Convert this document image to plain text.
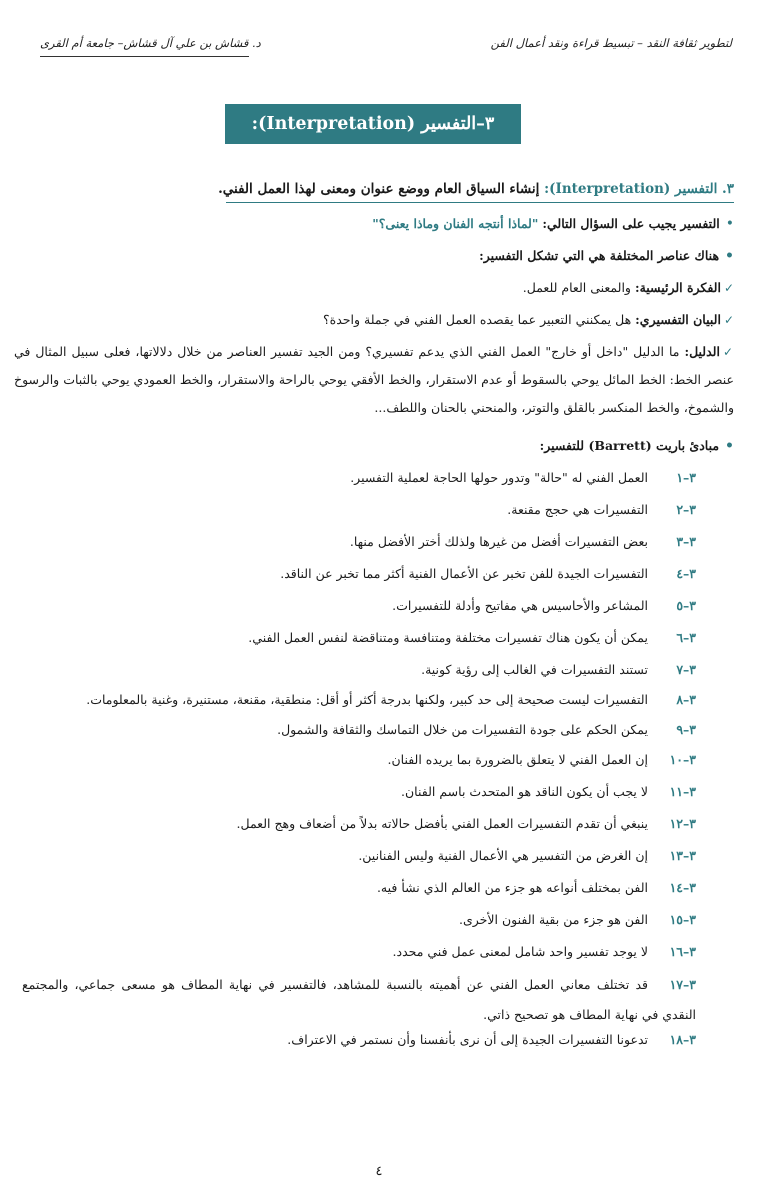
لتطوير ثقافة النقد – تبسيط قراءة ونقد أعمال الفن
د. قشاش بن علي آل قشاش– جامعة أم القرى
٣–التفسير (Interpretation):
٣. التفسير (Interpretation): إنشاء السياق العام ووضع عنوان ومعنى لهذا العمل الفني.
•التفسير يجيب على السؤال التالي: "لماذا أنتجه الفنان وماذا يعنى؟"
•هناك عناصر المختلفة هي التي تشكل التفسير:
✓الفكرة الرئيسية: والمعنى العام للعمل.
✓البيان التفسيري: هل يمكنني التعبير عما يقصده العمل الفني في جملة واحدة؟
✓الدليل: ما الدليل "داخل أو خارج" العمل الفني الذي يدعم تفسيري؟ ومن الجيد تفسير العناصر من خلال دلالاتها، فعلى سبيل المثال في عنصر الخط: الخط المائل يوحي بالسقوط أو عدم الاستقرار، والخط الأفقي يوحي بالراحة والاستقرار، والخط العمودي يوحي بالثبات والرسوخ والشموخ، والخط المنكسر بالقلق والتوتر، والمنحني بالحنان واللطف...
•مبادئ باريت (Barrett) للتفسير:
٣–١العمل الفني له "حالة" وتدور حولها الحاجة لعملية التفسير.
٣–٢التفسيرات هي حجج مقنعة.
٣–٣بعض التفسيرات أفضل من غيرها ولذلك أختر الأفضل منها.
٣–٤التفسيرات الجيدة للفن تخبر عن الأعمال الفنية أكثر مما تخبر عن الناقد.
٣–٥المشاعر والأحاسيس هي مفاتيح وأدلة للتفسيرات.
٣–٦يمكن أن يكون هناك تفسيرات مختلفة ومتنافسة ومتناقضة لنفس العمل الفني.
٣–٧تستند التفسيرات في الغالب إلى رؤية كونية.
٣–٨التفسيرات ليست صحيحة إلى حد كبير، ولكنها بدرجة أكثر أو أقل: منطقية، مقنعة، مستنيرة، وغنية بالمعلومات.
٣–٩يمكن الحكم على جودة التفسيرات من خلال التماسك والثقافة والشمول.
٣–١٠إن العمل الفني لا يتعلق بالضرورة بما يريده الفنان.
٣–١١لا يجب أن يكون الناقد هو المتحدث باسم الفنان.
٣–١٢ينبغي أن تقدم التفسيرات العمل الفني بأفضل حالاته بدلاً من أضعاف وهج العمل.
٣–١٣إن الغرض من التفسير هي الأعمال الفنية وليس الفنانين.
٣–١٤الفن بمختلف أنواعه هو جزء من العالم الذي نشأ فيه.
٣–١٥الفن هو جزء من بقية الفنون الأخرى.
٣–١٦لا يوجد تفسير واحد شامل لمعنى عمل فني محدد.
٣–١٧قد تختلف معاني العمل الفني عن أهميته بالنسبة للمشاهد، فالتفسير في نهاية المطاف هو مسعى جماعي، والمجتمع النقدي في نهاية المطاف هو تصحيح ذاتي.
٣–١٨تدعونا التفسيرات الجيدة إلى أن نرى بأنفسنا وأن نستمر في الاعتراف.
٤
